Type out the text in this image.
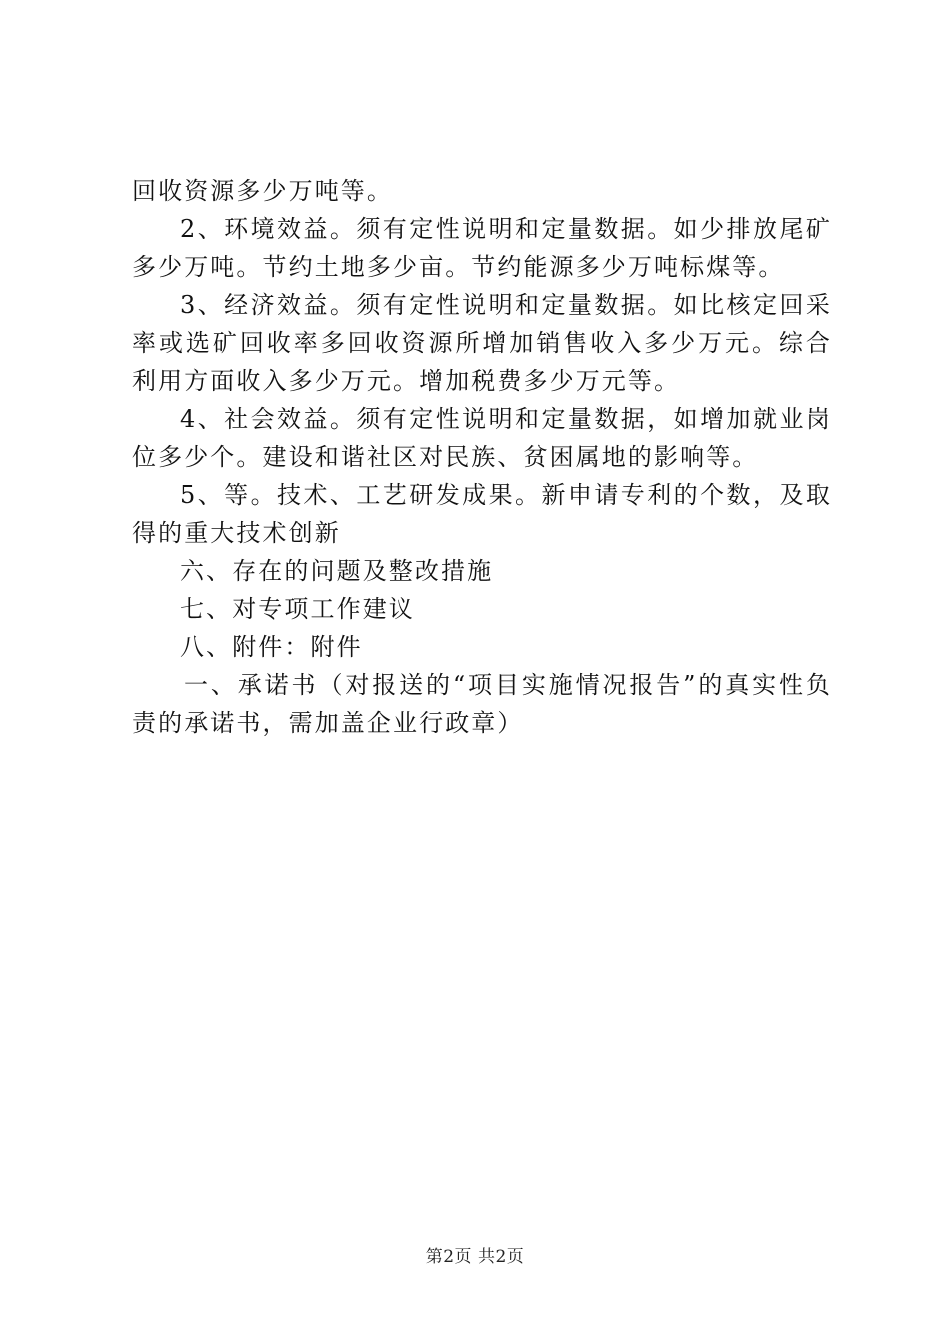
回收资源多少万吨等。

2、环境效益。须有定性说明和定量数据。如少排放尾矿多少万吨。节约土地多少亩。节约能源多少万吨标煤等。

3、经济效益。须有定性说明和定量数据。如比核定回采率或选矿回收率多回收资源所增加销售收入多少万元。综合利用方面收入多少万元。增加税费多少万元等。

4、社会效益。须有定性说明和定量数据，如增加就业岗位多少个。建设和谐社区对民族、贫困属地的影响等。

5、等。技术、工艺研发成果。新申请专利的个数，及取得的重大技术创新

六、存在的问题及整改措施

七、对专项工作建议

八、附件：附件

一、承诺书（对报送的“项目实施情况报告”的真实性负责的承诺书，需加盖企业行政章）

第2页 共2页
